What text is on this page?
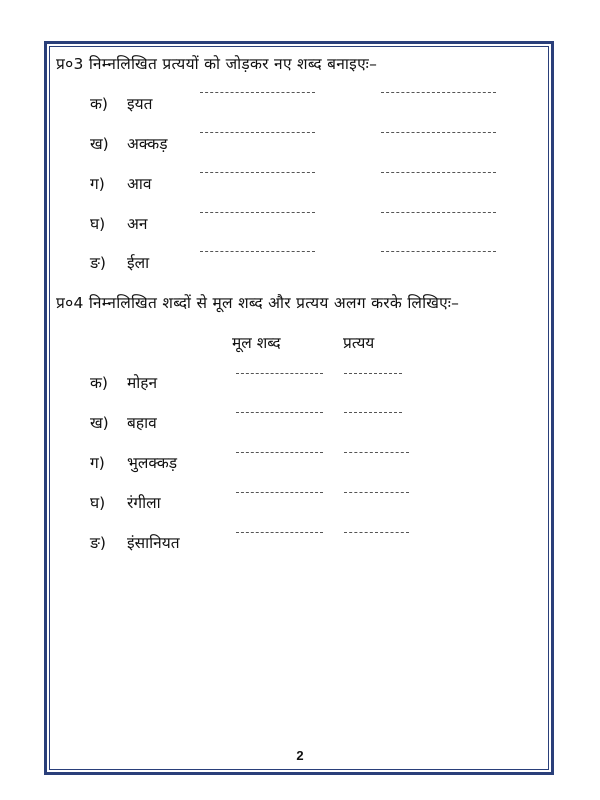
प्र०3 निम्नलिखित प्रत्ययों को जोड़कर नए शब्द बनाइएः–
क) इयत
ख) अक्कड़
ग) आव
घ) अन
ङ) ईला
प्र०4 निम्नलिखित शब्दों से मूल शब्द और प्रत्यय अलग करके लिखिएः–
मूल शब्द	प्रत्यय
क) मोहन
ख) बहाव
ग) भुलक्कड़
घ) रंगीला
ङ) इंसानियत
2
